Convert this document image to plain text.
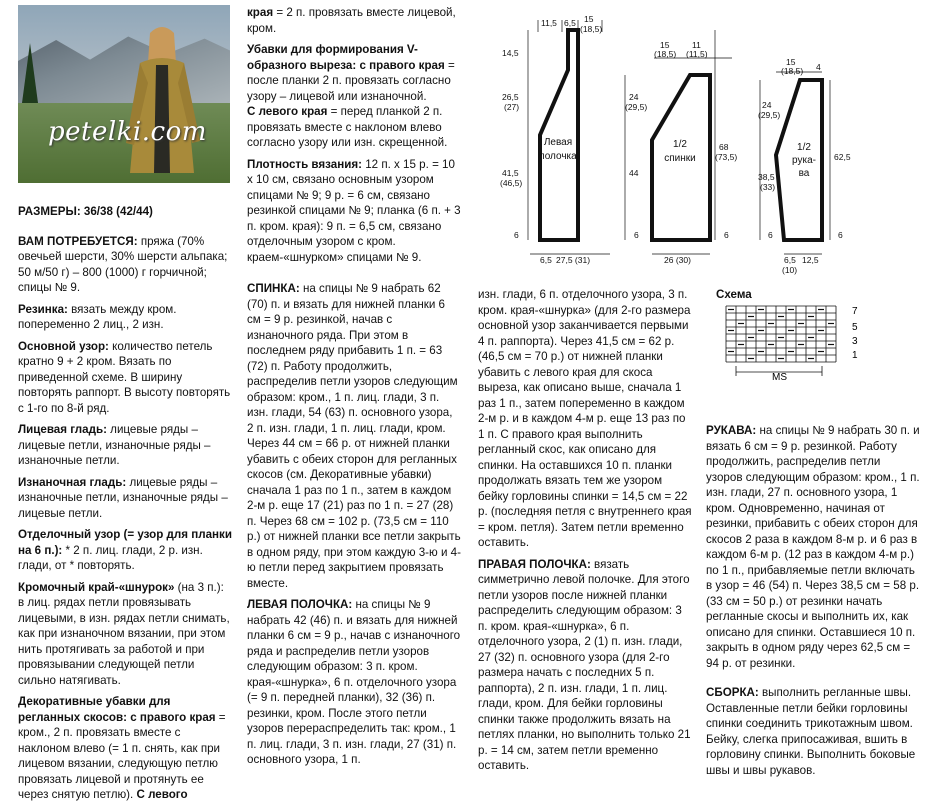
petelki.com

РАЗМЕРЫ: 36/38 (42/44)

ВАМ ПОТРЕБУЕТСЯ: пряжа (70% овечьей шерсти, 30% шерсти альпака; 50 м/50 г) – 800 (1000) г горчичной; спицы № 9.

Резинка: вязать между кром. попеременно 2 лиц., 2 изн.

Основной узор: количество петель кратно 9 + 2 кром. Вязать по приведенной схеме. В ширину повторять раппорт. В высоту повторять с 1-го по 8-й ряд.

Лицевая гладь: лицевые ряды – лицевые петли, изнаночные ряды – изнаночные петли.

Изнаночная гладь: лицевые ряды – изнаночные петли, изнаночные ряды – лицевые петли.

Отделочный узор (= узор для планки на 6 п.): * 2 п. лиц. глади, 2 р. изн. глади, от * повторять.

Кромочный край-«шнурок» (на 3 п.): в лиц. рядах петли провязывать лицевыми, в изн. рядах петли снимать, как при изнаночном вязании, при этом нить протягивать за работой и при провязывании следующей петли сильно натягивать.

Декоративные убавки для регланных скосов: с правого края = кром., 2 п. провязать вместе с наклоном влево (= 1 п. снять, как при лицевом вязании, следующую петлю провязать лицевой и протянуть ее через снятую петлю). С левого

края = 2 п. провязать вместе лицевой, кром.

Убавки для формирования V-образного выреза: с правого края = после планки 2 п. провязать согласно узору – лицевой или изнаночной.

С левого края = перед планкой 2 п. провязать вместе с наклоном влево согласно узору или изн. скрещенной.

Плотность вязания: 12 п. х 15 р. = 10 х 10 см, связано основным узором спицами № 9; 9 р. = 6 см, связано резинкой спицами № 9; планка (6 п. + 3 п. кром. края): 9 п. = 6,5 см, связано отделочным узором с кром. краем-«шнурком» спицами № 9.

СПИНКА: на спицы № 9 набрать 62 (70) п. и вязать для нижней планки 6 см = 9 р. резинкой, начав с изнаночного ряда. При этом в последнем ряду прибавить 1 п. = 63 (72) п. Работу продолжить, распределив петли узоров следующим образом: кром., 1 п. лиц. глади, 3 п. изн. глади, 54 (63) п. основного узора, 2 п. изн. глади, 1 п. лиц. глади, кром. Через 44 см = 66 р. от нижней планки убавить с обеих сторон для регланных скосов (см. Декоративные убавки) сначала 1 раз по 1 п., затем в каждом 2-м р. еще 17 (21) раз по 1 п. = 27 (28) п. Через 68 см = 102 р. (73,5 см = 110 р.) от нижней планки все петли закрыть в одном ряду, при этом каждую 3-ю и 4-ю петли перед закрытием провязать вместе.

ЛЕВАЯ ПОЛОЧКА: на спицы № 9 набрать 42 (46) п. и вязать для нижней планки 6 см = 9 р., начав с изнаночного ряда и распределив петли узоров следующим образом: 3 п. кром. края-«шнурка», 6 п. отделочного узора (= 9 п. передней планки), 32 (36) п. резинки, кром. После этого петли узоров перераспределить так: кром., 1 п. лиц. глади, 3 п. изн. глади, 27 (31) п. основного узора, 1 п.

изн. глади, 6 п. отделочного узора, 3 п. кром. края-«шнурка» (для 2-го размера основной узор заканчивается первыми 4 п. раппорта). Через 41,5 см = 62 р. (46,5 см = 70 р.) от нижней планки убавить с левого края для скоса выреза, как описано выше, сначала 1 раз 1 п., затем попеременно в каждом 2-м р. и в каждом 4-м р. еще 13 раз по 1 п. С правого края выполнить регланный скос, как описано для спинки. На оставшихся 10 п. планки продолжать вязать тем же узором бейку горловины спинки = 14,5 см = 22 р. (последняя петля с внутреннего края = кром. петля). Затем петли временно оставить.

ПРАВАЯ ПОЛОЧКА: вязать симметрично левой полочке. Для этого петли узоров после нижней планки распределить следующим образом: 3 п. кром. края-«шнурка», 6 п. отделочного узора, 2 (1) п. изн. глади, 27 (32) п. основного узора (для 2-го размера начать с последних 5 п. раппорта), 2 п. изн. глади, 1 п. лиц. глади, кром. Для бейки горловины спинки также продолжить вязать на петлях планки, но выполнить только 21 р. = 14 см, затем петли временно оставить.

РУКАВА: на спицы № 9 набрать 30 п. и вязать 6 см = 9 р. резинкой. Работу продолжить, распределив петли узоров следующим образом: кром., 1 п. изн. глади, 27 п. основного узора, 1 кром. Одновременно, начиная от резинки, прибавить с обеих сторон для скосов 2 раза в каждом 8-м р. и 6 раз в каждом 6-м р. (12 раз в каждом 4-м р.) по 1 п., прибавляемые петли включать в узор = 46 (54) п. Через 38,5 см = 58 р. (33 см = 50 р.) от резинки начать регланные скосы и выполнить их, как описано для спинки. Оставшиеся 10 п. закрыть в одном ряду через 62,5 см = 94 р. от резинки.

СБОРКА: выполнить регланные швы. Оставленные петли бейки горловины спинки соединить трикотажным швом. Бейку, слегка припосаживая, вшить в горловину спинки. Выполнить боковые швы и швы рукавов.

Схема
Левая
полочка
1/2
спинки
1/2
рука-
ва
11,5 6,5 15
(18,5)
14,5
26,5
(27)
41,5
(46,5)
6
6,5 27,5 (31)
15
(18,5)
11
(11,5)
24
(29,5)
44
68
(73,5)
6	6
26 (30)
15
(18,5) 4
24
(29,5)
38,5
(33)
62,5
6	6
6,5
(10)
12,5
7
5
3
1
MS
